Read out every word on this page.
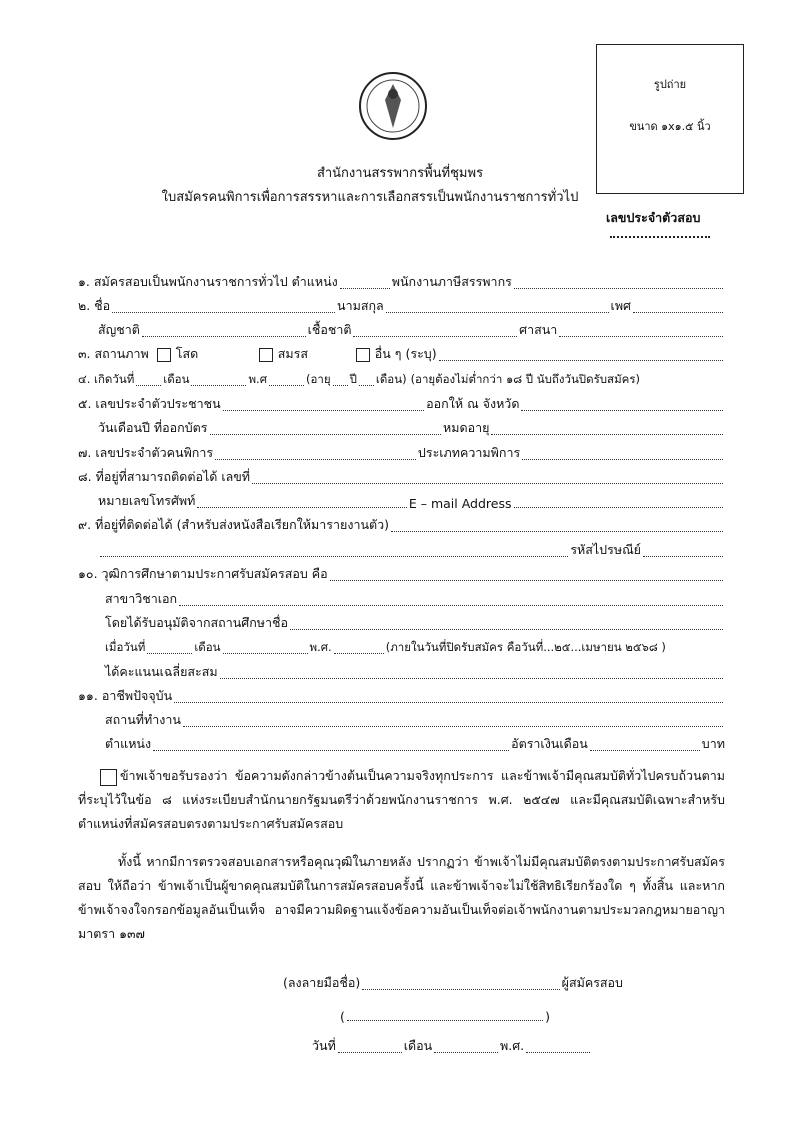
รูปถ่าย
ขนาด ๑x๑.๕ นิ้ว
สำนักงานสรรพากรพื้นที่ชุมพร
ใบสมัครคนพิการเพื่อการสรรหาและการเลือกสรรเป็นพนักงานราชการทั่วไป
เลขประจำตัวสอบ
๑. สมัครสอบเป็นพนักงานราชการทั่วไป ตำแหน่ง	พนักงานภาษีสรรพากร
๒. ชื่อ	นามสกุล	เพศ
สัญชาติ	เชื้อชาติ	ศาสนา
๓. สถานภาพ โสด	สมรส	อื่น ๆ (ระบุ)
๔. เกิดวันที่	เดือน	พ.ศ	(อายุ ปี เดือน) (อายุต้องไม่ต่ำกว่า ๑๘ ปี นับถึงวันปิดรับสมัคร)
๕. เลขประจำตัวประชาชน	ออกให้ ณ จังหวัด
วันเดือนปี ที่ออกบัตร	หมดอายุ
๗. เลขประจำตัวคนพิการ	ประเภทความพิการ
๘. ที่อยู่ที่สามารถติดต่อได้ เลขที่
หมายเลขโทรศัพท์	E – mail Address
๙. ที่อยู่ที่ติดต่อได้ (สำหรับส่งหนังสือเรียกให้มารายงานตัว)
รหัสไปรษณีย์
๑๐. วุฒิการศึกษาตามประกาศรับสมัครสอบ คือ
สาขาวิชาเอก
โดยได้รับอนุมัติจากสถานศึกษาชื่อ
เมื่อวันที่	เดือน	พ.ศ.	(ภายในวันที่ปิดรับสมัคร คือวันที่...๒๕...เมษายน ๒๕๖๘ )
ได้คะแนนเฉลี่ยสะสม
๑๑. อาชีพปัจจุบัน
สถานที่ทำงาน
ตำแหน่ง	อัตราเงินเดือน	บาท
ข้าพเจ้าขอรับรองว่า ข้อความดังกล่าวข้างต้นเป็นความจริงทุกประการ และข้าพเจ้ามีคุณสมบัติทั่วไปครบถ้วนตามที่ระบุไว้ในข้อ ๘ แห่งระเบียบสำนักนายกรัฐมนตรีว่าด้วยพนักงานราชการ พ.ศ. ๒๕๔๗ และมีคุณสมบัติเฉพาะสำหรับตำแหน่งที่สมัครสอบตรงตามประกาศรับสมัครสอบ
ทั้งนี้ หากมีการตรวจสอบเอกสารหรือคุณวุฒิในภายหลัง ปรากฏว่า ข้าพเจ้าไม่มีคุณสมบัติตรงตามประกาศรับสมัครสอบ ให้ถือว่า ข้าพเจ้าเป็นผู้ขาดคุณสมบัติในการสมัครสอบครั้งนี้ และข้าพเจ้าจะไม่ใช้สิทธิเรียกร้องใด ๆ ทั้งสิ้น และหากข้าพเจ้าจงใจกรอกข้อมูลอันเป็นเท็จ อาจมีความผิดฐานแจ้งข้อความอันเป็นเท็จต่อเจ้าพนักงานตามประมวลกฎหมายอาญามาตรา ๑๓๗
(ลงลายมือชื่อ)	ผู้สมัครสอบ
(	)
วันที่	เดือน	พ.ศ.
